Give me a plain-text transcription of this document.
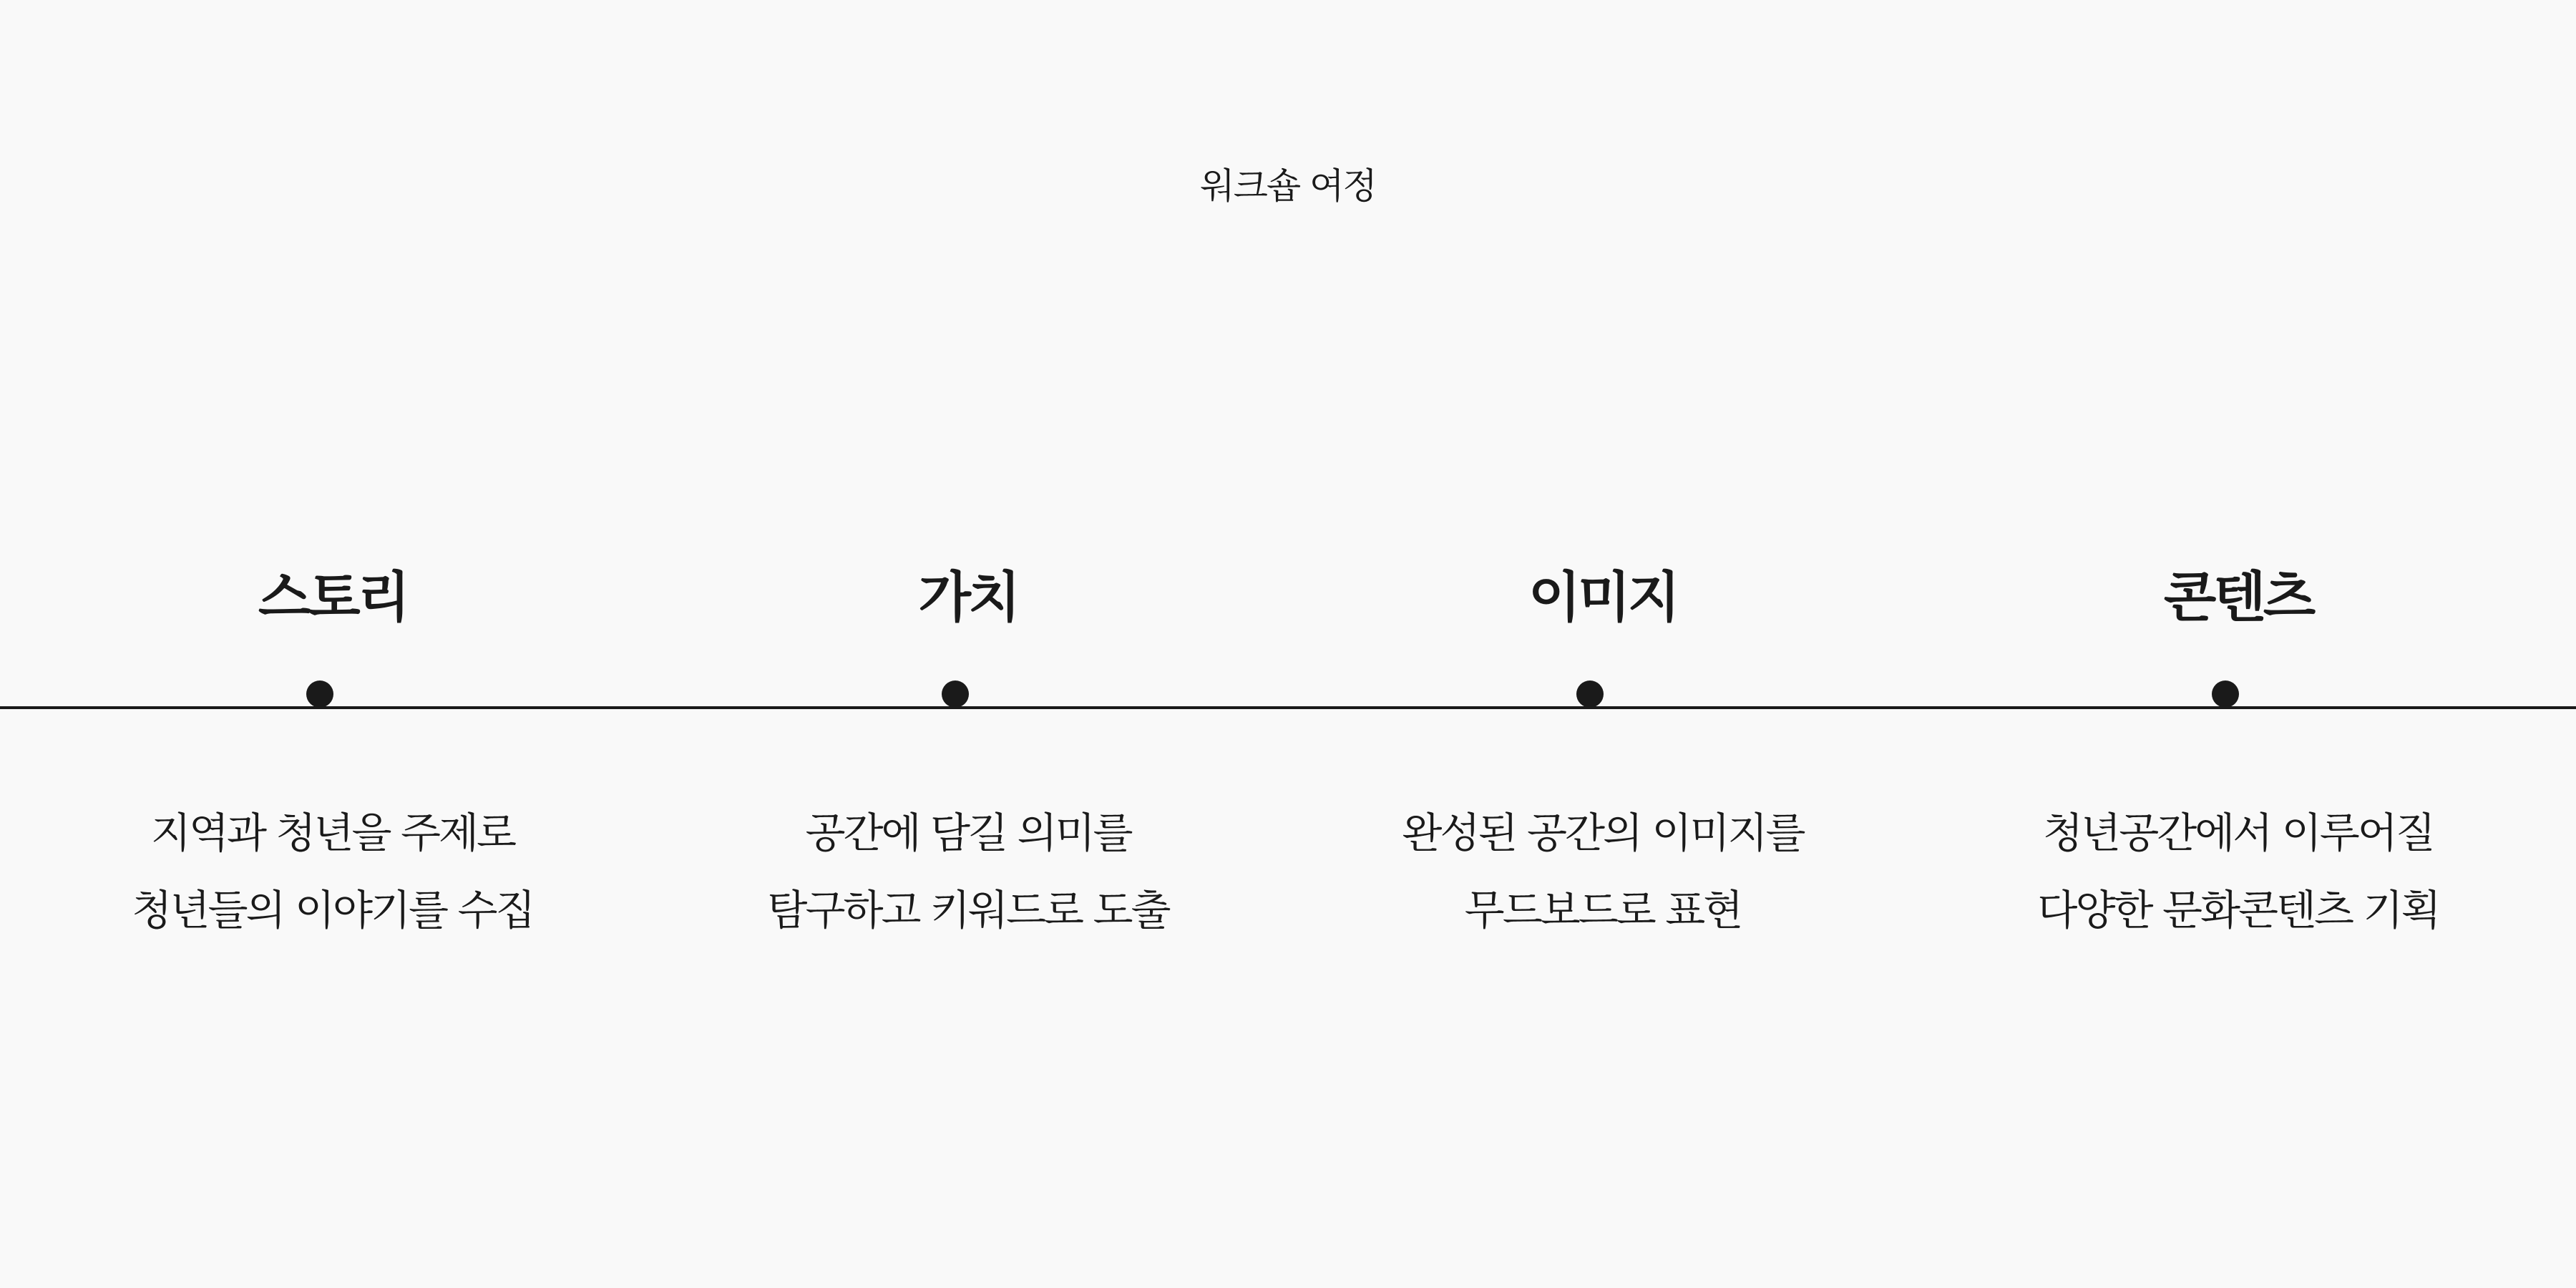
워크숍 여정
스토리
지역과 청년을 주제로
청년들의 이야기를 수집
가치
공간에 담길 의미를
탐구하고 키워드로 도출
이미지
완성된 공간의 이미지를
무드보드로 표현
콘텐츠
청년공간에서 이루어질
다양한 문화콘텐츠 기획
